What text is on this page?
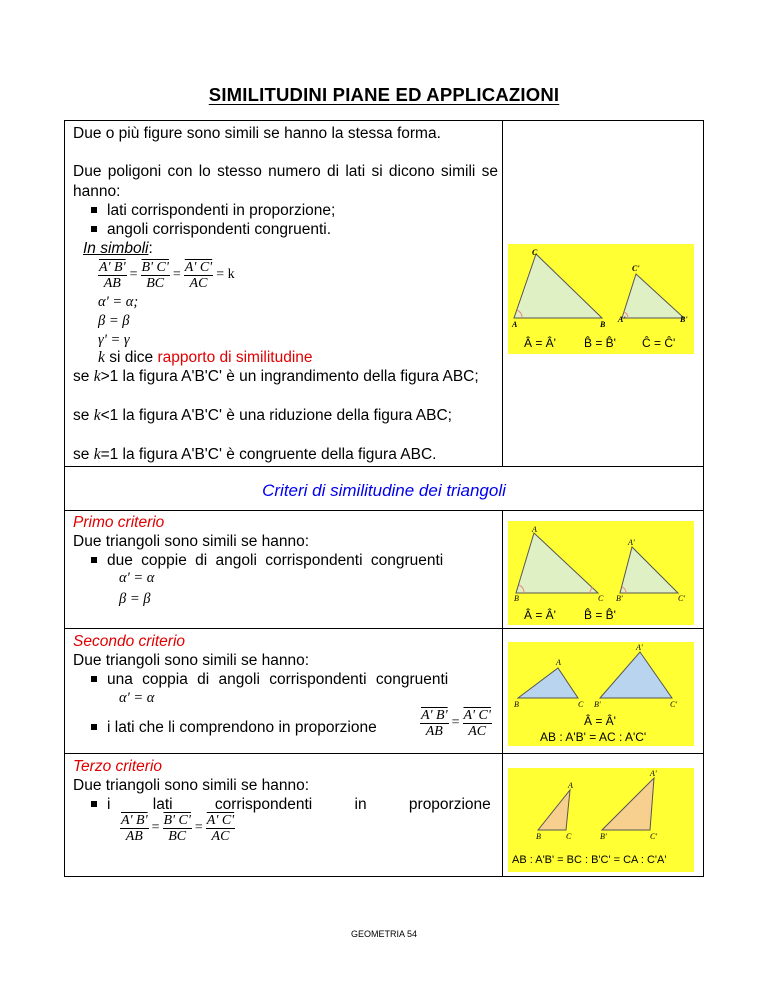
SIMILITUDINI PIANE ED APPLICAZIONI
Due o più figure sono simili se hanno la stessa forma.
Due poligoni con lo stesso numero di lati si dicono simili se hanno:
lati corrispondenti in proporzione;
angoli corrispondenti congruenti.
In simboli:
$\frac{A' B'}{AB} = \frac{B' C'}{BC} = \frac{A' C'}{AC} = k$
α' = α;
β = β
γ' = γ
k si dice rapporto di similitudine
se k>1 la figura A'B'C' è un ingrandimento della figura ABC;
se k<1 la figura A'B'C' è una riduzione della figura ABC;
se k=1 la figura A'B'C' è congruente della figura ABC.
C
C'
A	B
A'	B'
Â = Â' B̂ = B̂' Ĉ = Ĉ'
Criteri di similitudine dei triangoli
Primo criterio
Due triangoli sono simili se hanno:
due coppie di angoli corrispondenti congruenti
α' = α
β = β
A
A'
B	C B'	C'
Â = Â' B̂ = B̂'
Secondo criterio
Due triangoli sono simili se hanno:
una coppia di angoli corrispondenti congruenti
α' = α
i lati che li comprendono in proporzione	$\frac{A' B'}{AB} = \frac{A' C'}{AC}$
A'
A
B	C B'	C'
Â = Â'
AB : A'B' = AC : A'C'
Terzo criterio
Due triangoli sono simili se hanno:
i lati corrispondenti in proporzione
$\frac{A' B'}{AB} = \frac{B' C'}{BC} = \frac{A' C'}{AC}$
A'
A
B	C	B'	C'
AB : A'B' = BC : B'C' = CA : C'A'
GEOMETRIA 54
